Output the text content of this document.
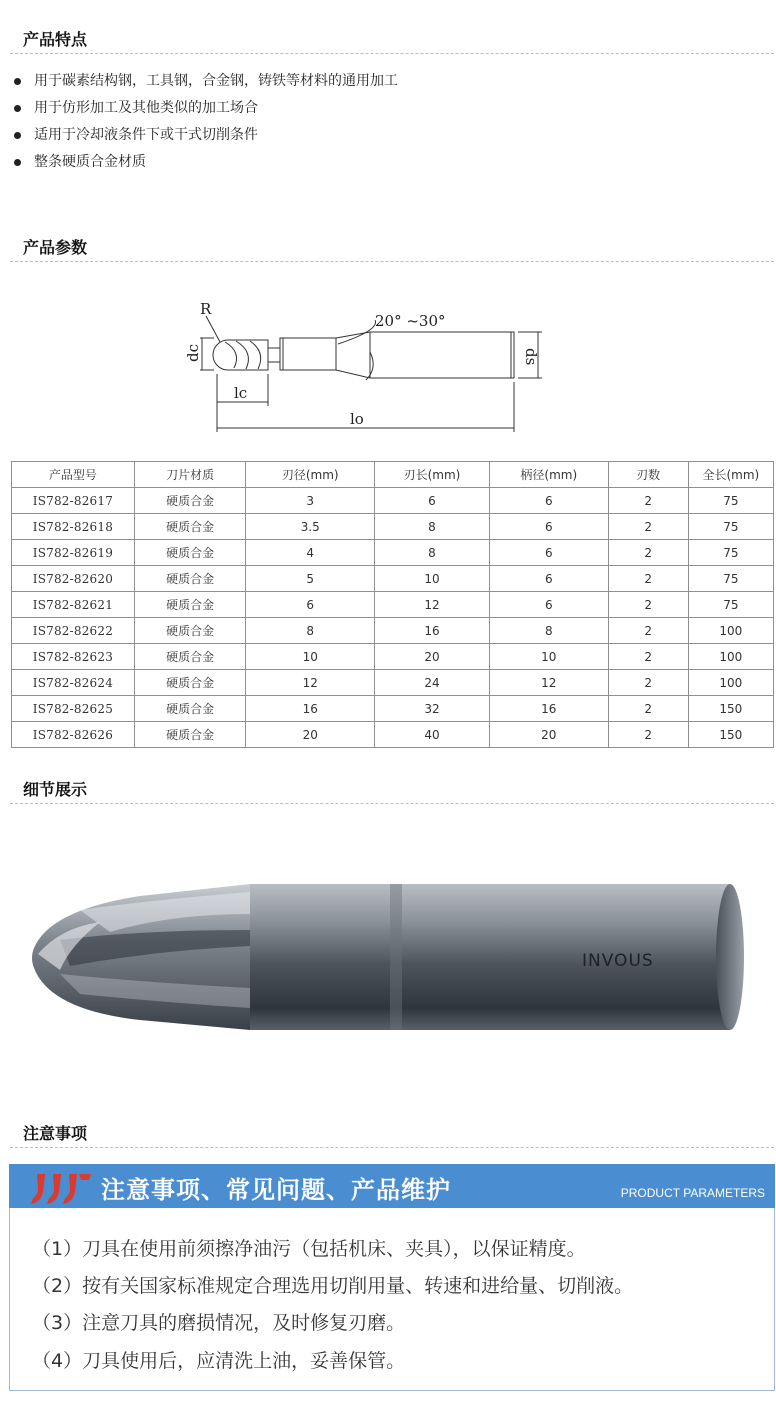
产品特点
用于碳素结构钢，工具钢，合金钢，铸铁等材料的通用加工
用于仿形加工及其他类似的加工场合
适用于冷却液条件下或干式切削条件
整条硬质合金材质
产品参数
R
20° ~30°
dc	ds
lc
lo
产品型号	刀片材质	刃径(mm)	刃长(mm)	柄径(mm)	刃数	全长(mm)
IS782-82617	硬质合金	3	6	6	2	75
IS782-82618	硬质合金	3.5	8	6	2	75
IS782-82619	硬质合金	4	8	6	2	75
IS782-82620	硬质合金	5	10	6	2	75
IS782-82621	硬质合金	6	12	6	2	75
IS782-82622	硬质合金	8	16	8	2	100
IS782-82623	硬质合金	10	20	10	2	100
IS782-82624	硬质合金	12	24	12	2	100
IS782-82625	硬质合金	16	32	16	2	150
IS782-82626	硬质合金	20	40	20	2	150
细节展示
INVOUS
注意事项
注意事项、常见问题、产品维护	PRODUCT PARAMETERS
（1）刀具在使用前须擦净油污（包括机床、夹具），以保证精度。
（2）按有关国家标准规定合理选用切削用量、转速和进给量、切削液。
（3）注意刀具的磨损情况，及时修复刃磨。
（4）刀具使用后，应清洗上油，妥善保管。
